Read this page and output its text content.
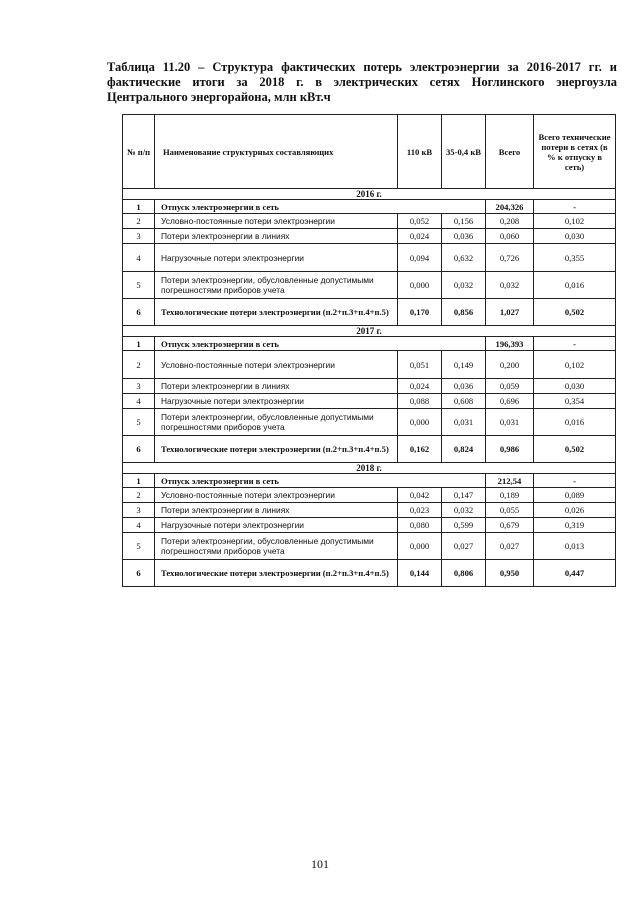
Таблица 11.20 – Структура фактических потерь электроэнергии за 2016-2017 гг. и фактические итоги за 2018 г. в электрических сетях Ноглинского энергоузла Центрального энергорайона, млн кВт.ч
№ п/п	Наименование структурных составляющих	110 кВ	35-0,4 кВ	Всего	Всего технические потери в сетях (в % к отпуску в сеть)
2016 г.					
1	Отпуск электроэнергии в сеть			204,326	-
2	Условно-постоянные потери электроэнергии	0,052	0,156	0,208	0,102
3	Потери электроэнергии в линиях	0,024	0,036	0,060	0,030
4	Нагрузочные потери электроэнергии	0,094	0,632	0,726	0,355
5	Потери электроэнергии, обусловленные допустимыми погрешностями приборов учета	0,000	0,032	0,032	0,016
6	Технологические потери электроэнергии (п.2+п.3+п.4+п.5)	0,170	0,856	1,027	0,502
2017 г.					
1	Отпуск электроэнергии в сеть			196,393	-
2	Условно-постоянные потери электроэнергии	0,051	0,149	0,200	0,102
3	Потери электроэнергии в линиях	0,024	0,036	0,059	0,030
4	Нагрузочные потери электроэнергии	0,088	0,608	0,696	0,354
5	Потери электроэнергии, обусловленные допустимыми погрешностями приборов учета	0,000	0,031	0,031	0,016
6	Технологические потери электроэнергии (п.2+п.3+п.4+п.5)	0,162	0,824	0,986	0,502
2018 г.					
1	Отпуск электроэнергии в сеть			212,54	-
2	Условно-постоянные потери электроэнергии	0,042	0,147	0,189	0,089
3	Потери электроэнергии в линиях	0,023	0,032	0,055	0,026
4	Нагрузочные потери электроэнергии	0,080	0,599	0,679	0,319
5	Потери электроэнергии, обусловленные допустимыми погрешностями приборов учета	0,000	0,027	0,027	0,013
6	Технологические потери электроэнергии (п.2+п.3+п.4+п.5)	0,144	0,806	0,950	0,447
101
